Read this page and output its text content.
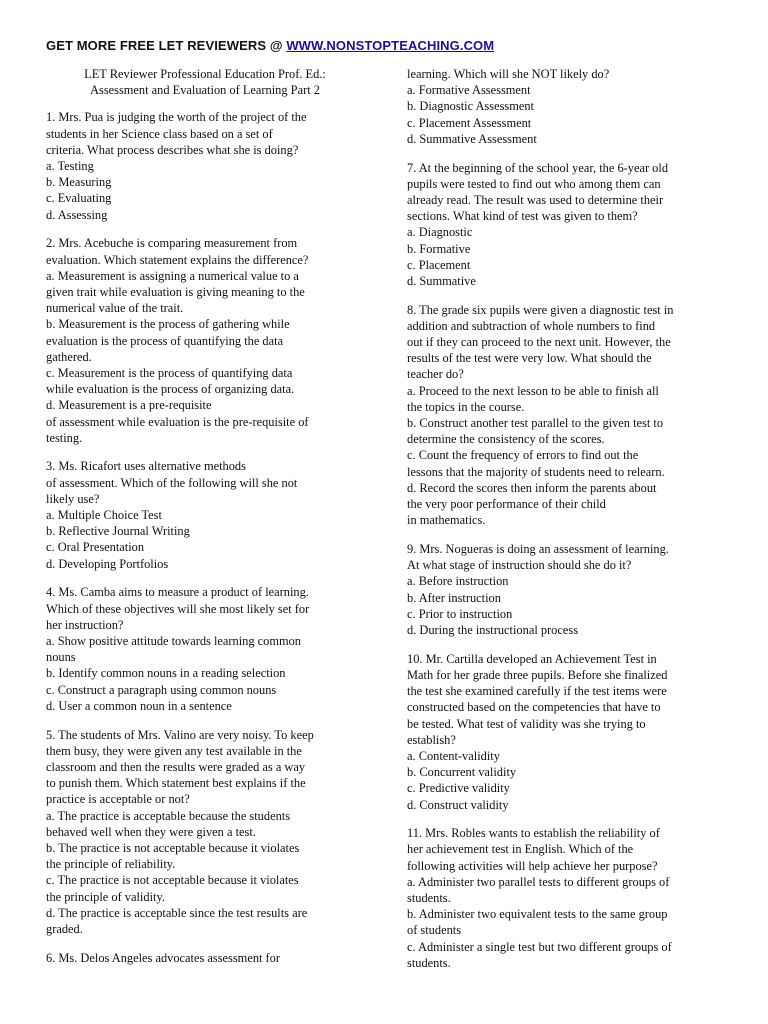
GET MORE FREE LET REVIEWERS @ WWW.NONSTOPTEACHING.COM
LET Reviewer Professional Education Prof. Ed.:
Assessment and Evaluation of Learning Part 2
1. Mrs. Pua is judging the worth of the project of the
students in her Science class based on a set of
criteria. What process describes what she is doing?
a. Testing
b. Measuring
c. Evaluating
d. Assessing
2. Mrs. Acebuche is comparing measurement from
evaluation. Which statement explains the difference?
a. Measurement is assigning a numerical value to a
given trait while evaluation is giving meaning to the
numerical value of the trait.
b. Measurement is the process of gathering while
evaluation is the process of quantifying the data
gathered.
c. Measurement is the process of quantifying data
while evaluation is the process of organizing data.
d. Measurement is a pre-requisite
of assessment while evaluation is the pre-requisite of
testing.
3. Ms. Ricafort uses alternative methods
of assessment. Which of the following will she not
likely use?
a. Multiple Choice Test
b. Reflective Journal Writing
c. Oral Presentation
d. Developing Portfolios
4. Ms. Camba aims to measure a product of learning.
Which of these objectives will she most likely set for
her instruction?
a. Show positive attitude towards learning common
nouns
b. Identify common nouns in a reading selection
c. Construct a paragraph using common nouns
d. User a common noun in a sentence
5. The students of Mrs. Valino are very noisy. To keep
them busy, they were given any test available in the
classroom and then the results were graded as a way
to punish them. Which statement best explains if the
practice is acceptable or not?
a. The practice is acceptable because the students
behaved well when they were given a test.
b. The practice is not acceptable because it violates
the principle of reliability.
c. The practice is not acceptable because it violates
the principle of validity.
d. The practice is acceptable since the test results are
graded.
6. Ms. Delos Angeles advocates assessment for
learning. Which will she NOT likely do?
a. Formative Assessment
b. Diagnostic Assessment
c. Placement Assessment
d. Summative Assessment
7. At the beginning of the school year, the 6-year old
pupils were tested to find out who among them can
already read. The result was used to determine their
sections. What kind of test was given to them?
a. Diagnostic
b. Formative
c. Placement
d. Summative
8. The grade six pupils were given a diagnostic test in
addition and subtraction of whole numbers to find
out if they can proceed to the next unit. However, the
results of the test were very low. What should the
teacher do?
a. Proceed to the next lesson to be able to finish all
the topics in the course.
b. Construct another test parallel to the given test to
determine the consistency of the scores.
c. Count the frequency of errors to find out the
lessons that the majority of students need to relearn.
d. Record the scores then inform the parents about
the very poor performance of their child
in mathematics.
9. Mrs. Nogueras is doing an assessment of learning.
At what stage of instruction should she do it?
a. Before instruction
b. After instruction
c. Prior to instruction
d. During the instructional process
10. Mr. Cartilla developed an Achievement Test in
Math for her grade three pupils. Before she finalized
the test she examined carefully if the test items were
constructed based on the competencies that have to
be tested. What test of validity was she trying to
establish?
a. Content-validity
b. Concurrent validity
c. Predictive validity
d. Construct validity
11. Mrs. Robles wants to establish the reliability of
her achievement test in English. Which of the
following activities will help achieve her purpose?
a. Administer two parallel tests to different groups of
students.
b. Administer two equivalent tests to the same group
of students
c. Administer a single test but two different groups of
students.
